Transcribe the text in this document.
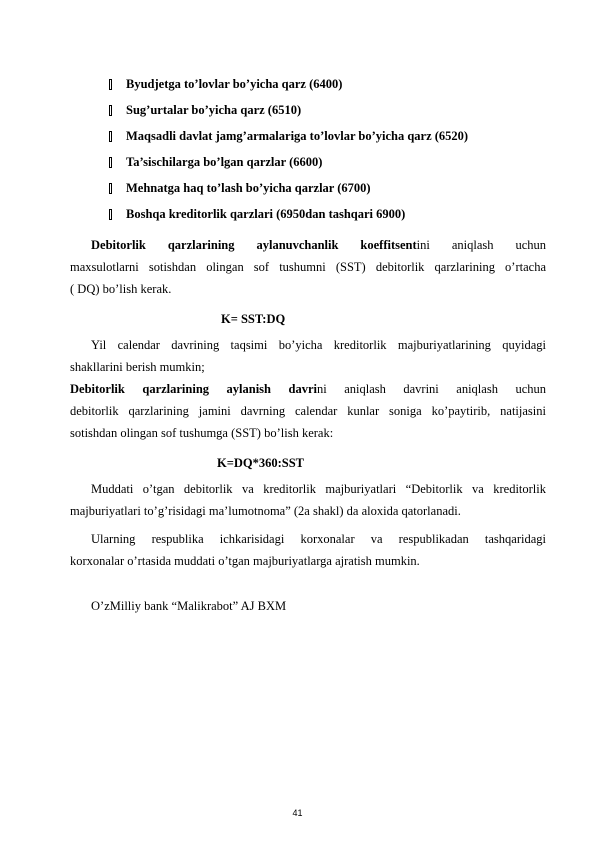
Byudjetga to’lovlar bo’yicha qarz (6400)
Sug’urtalar bo’yicha qarz (6510)
Maqsadli davlat jamg’armalariga to’lovlar bo’yicha qarz (6520)
Ta’sischilarga bo’lgan qarzlar (6600)
Mehnatga haq to’lash bo’yicha qarzlar (6700)
Boshqa kreditorlik qarzlari (6950dan tashqari 6900)
Debitorlik qarzlarining aylanuvchanlik koeffitsentini aniqlash uchun
maxsulotlarni sotishdan olingan sof tushumni (SST) debitorlik qarzlarining o’rtacha
( DQ) bo’lish kerak.
K= SST:DQ
Yil calendar davrining taqsimi bo’yicha kreditorlik majburiyatlarining quyidagi
shakllarini berish mumkin;
Debitorlik qarzlarining aylanish davrini aniqlash davrini aniqlash uchun
debitorlik qarzlarining jamini davrning calendar kunlar soniga ko’paytirib, natijasini
sotishdan olingan sof tushumga (SST) bo’lish kerak:
K=DQ*360:SST
Muddati o’tgan debitorlik va kreditorlik majburiyatlari “Debitorlik va kreditorlik
majburiyatlari to’g’risidagi ma’lumotnoma” (2a shakl) da aloxida qatorlanadi.
Ularning respublika ichkarisidagi korxonalar va respublikadan tashqaridagi
korxonalar o’rtasida muddati o’tgan majburiyatlarga ajratish mumkin.
O’zMilliy bank “Malikrabot” AJ BXM
41
